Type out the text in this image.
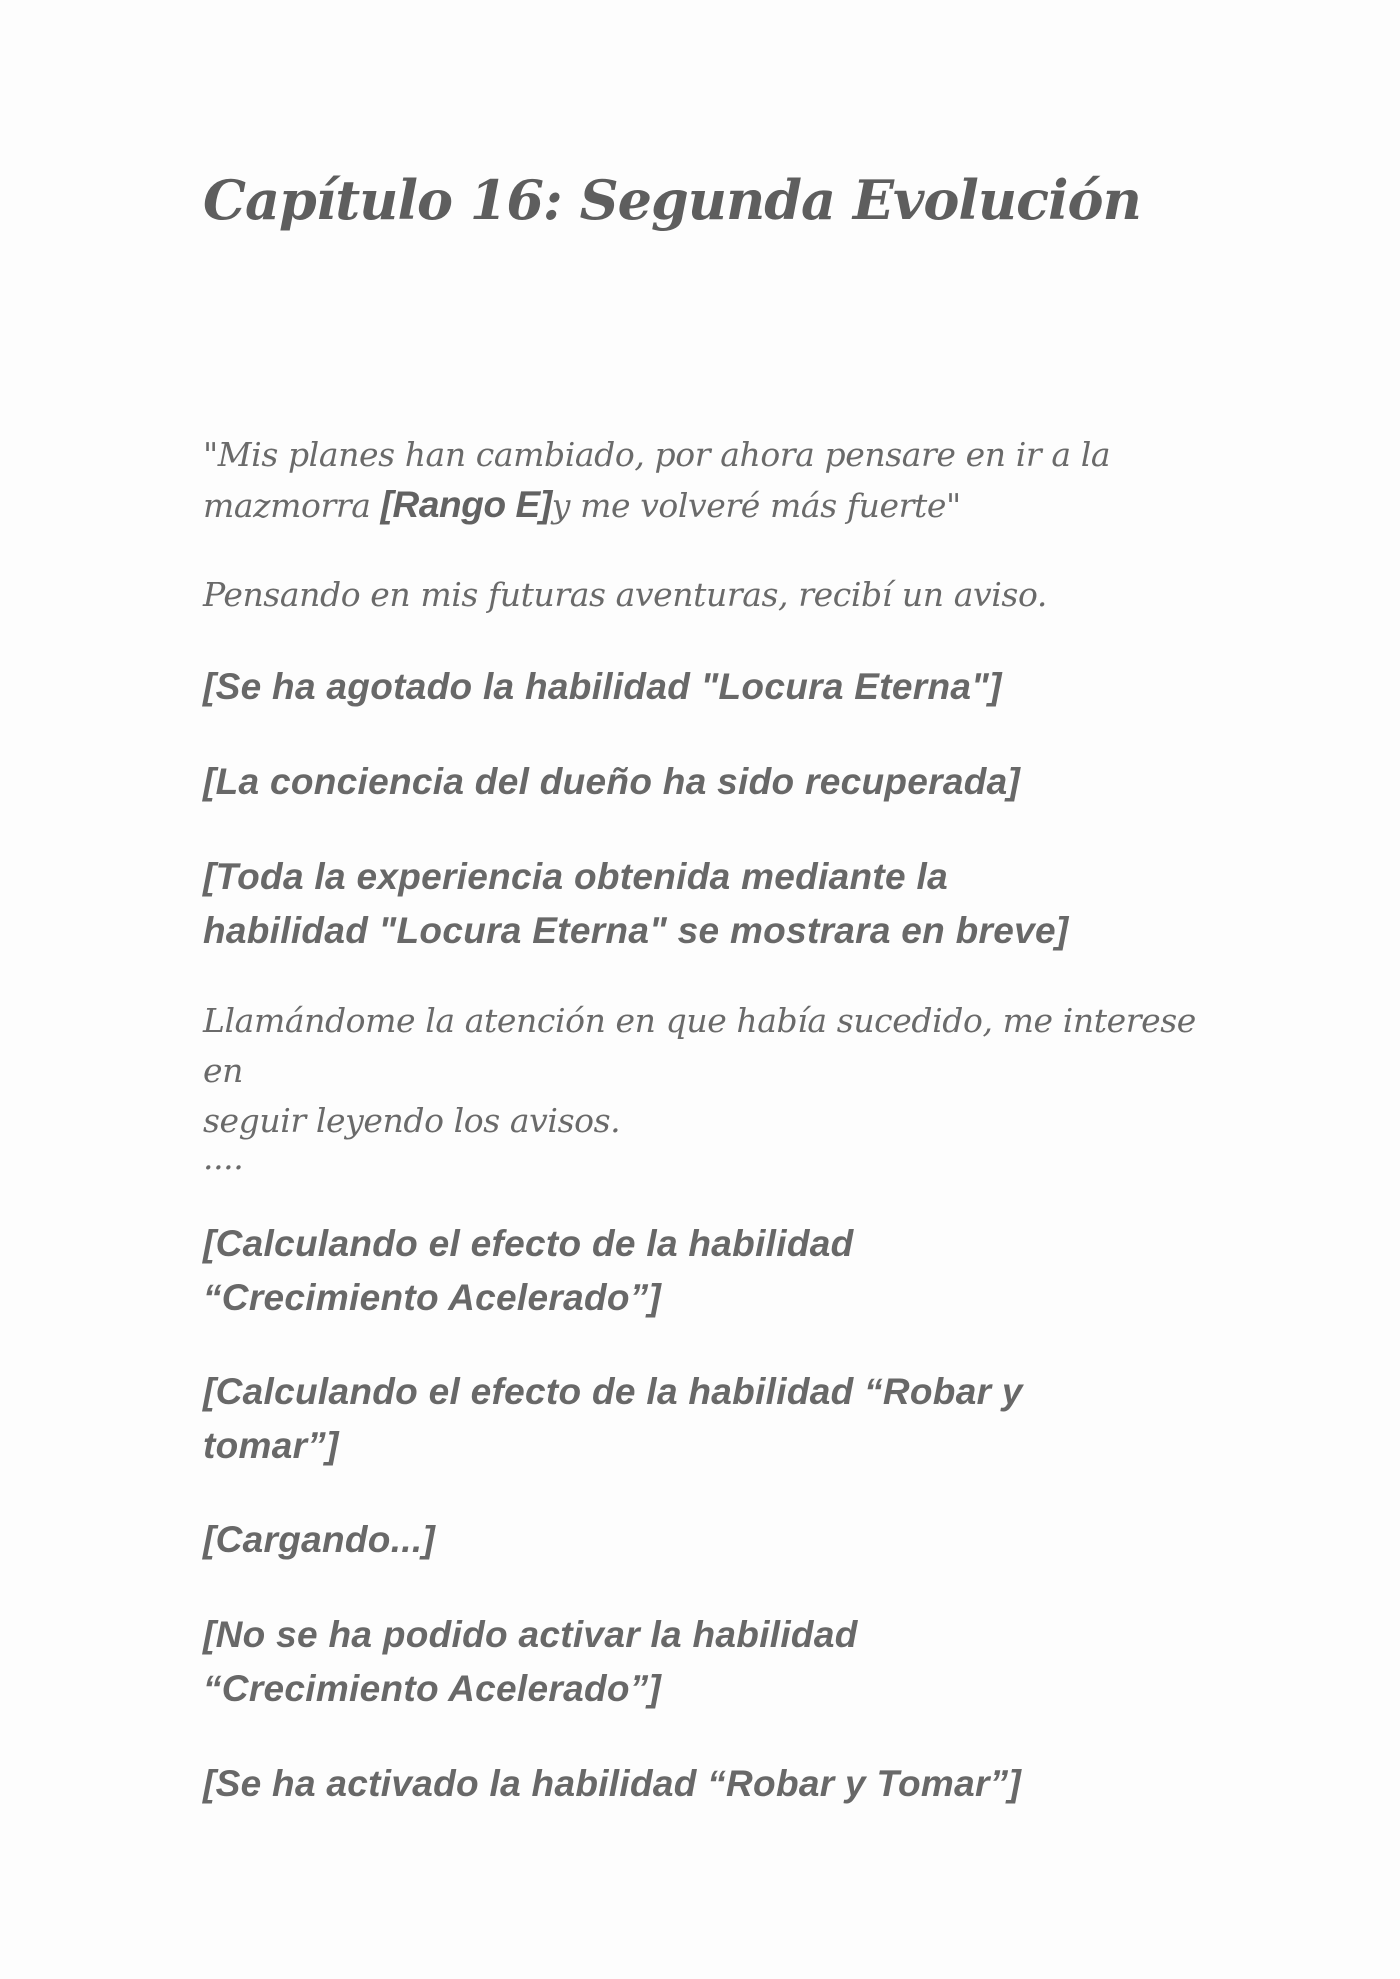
Capítulo 16: Segunda Evolución
"Mis planes han cambiado, por ahora pensare en ir a la
mazmorra [Rango E]y me volveré más fuerte"
Pensando en mis futuras aventuras, recibí un aviso.
[Se ha agotado la habilidad "Locura Eterna"]
[La conciencia del dueño ha sido recuperada]
[Toda la experiencia obtenida mediante la
habilidad "Locura Eterna" se mostrara en breve]
Llamándome la atención en que había sucedido, me interese en
seguir leyendo los avisos.
....
[Calculando el efecto de la habilidad
“Crecimiento Acelerado”]
[Calculando el efecto de la habilidad “Robar y
tomar”]
[Cargando...]
[No se ha podido activar la habilidad
“Crecimiento Acelerado”]
[Se ha activado la habilidad “Robar y Tomar”]
